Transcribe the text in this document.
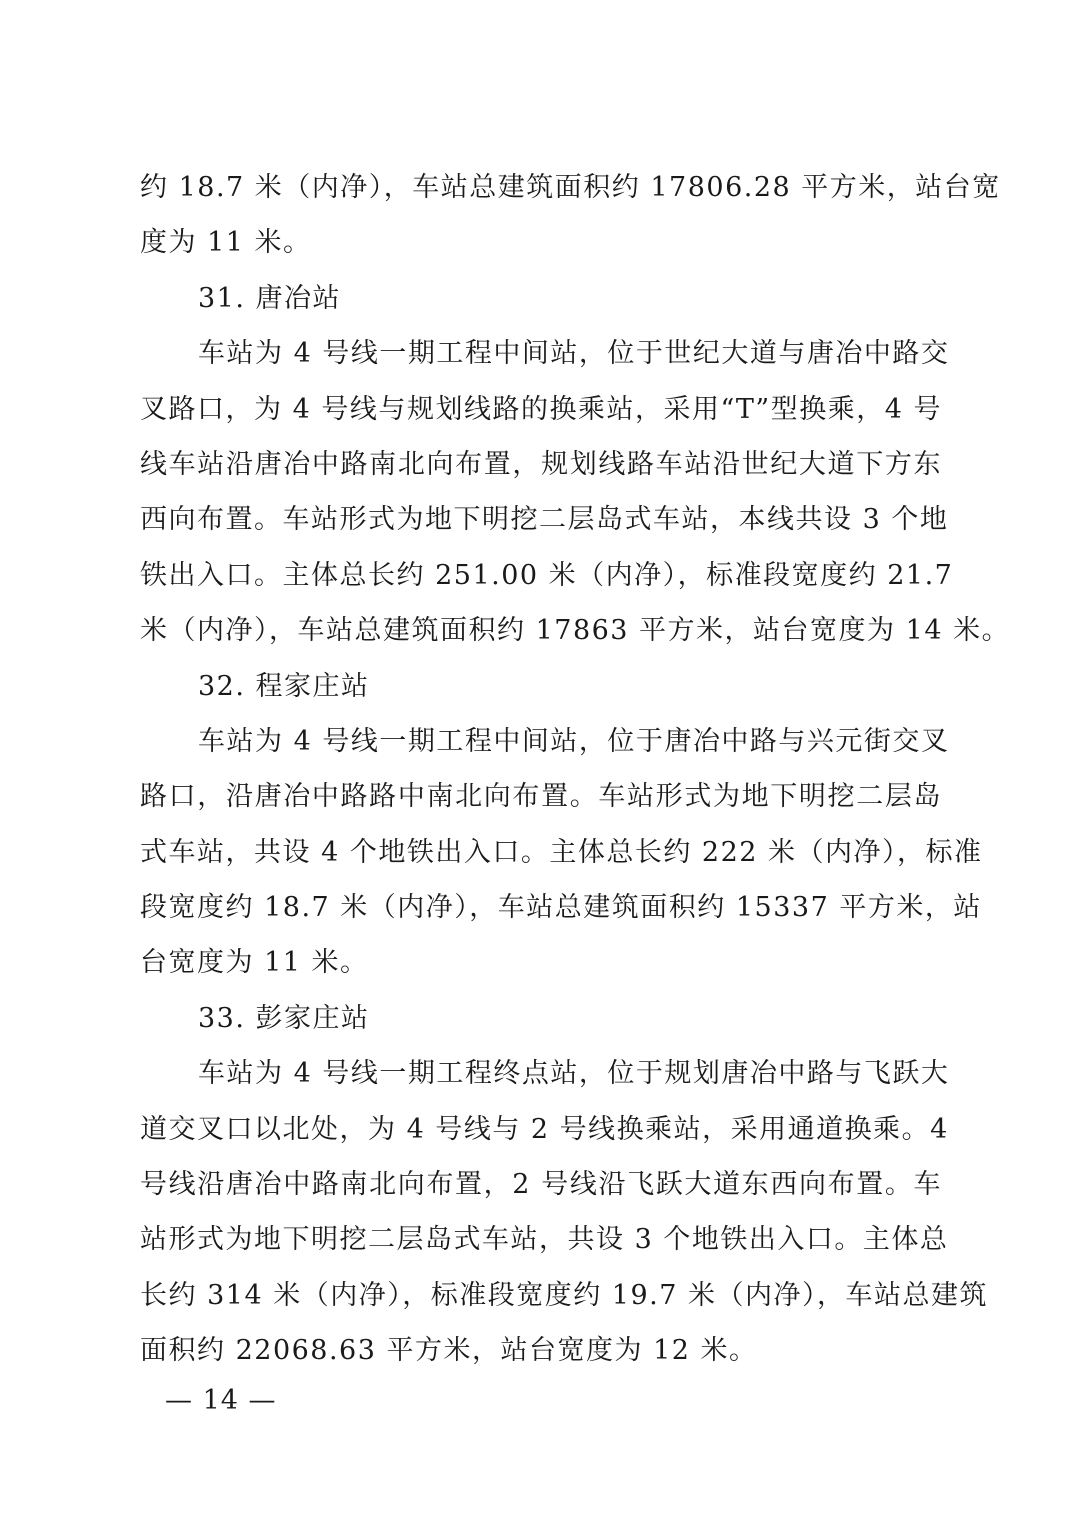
约 18.7 米（内净），车站总建筑面积约 17806.28 平方米，站台宽
度为 11 米。
31. 唐冶站
车站为 4 号线一期工程中间站，位于世纪大道与唐冶中路交
叉路口，为 4 号线与规划线路的换乘站，采用“T”型换乘，4 号
线车站沿唐冶中路南北向布置，规划线路车站沿世纪大道下方东
西向布置。车站形式为地下明挖二层岛式车站，本线共设 3 个地
铁出入口。主体总长约 251.00 米（内净），标准段宽度约 21.7
米（内净），车站总建筑面积约 17863 平方米，站台宽度为 14 米。
32. 程家庄站
车站为 4 号线一期工程中间站，位于唐冶中路与兴元街交叉
路口，沿唐冶中路路中南北向布置。车站形式为地下明挖二层岛
式车站，共设 4 个地铁出入口。主体总长约 222 米（内净），标准
段宽度约 18.7 米（内净），车站总建筑面积约 15337 平方米，站
台宽度为 11 米。
33. 彭家庄站
车站为 4 号线一期工程终点站，位于规划唐冶中路与飞跃大
道交叉口以北处，为 4 号线与 2 号线换乘站，采用通道换乘。4
号线沿唐冶中路南北向布置，2 号线沿飞跃大道东西向布置。车
站形式为地下明挖二层岛式车站，共设 3 个地铁出入口。主体总
长约 314 米（内净），标准段宽度约 19.7 米（内净），车站总建筑
面积约 22068.63 平方米，站台宽度为 12 米。
— 14 —
